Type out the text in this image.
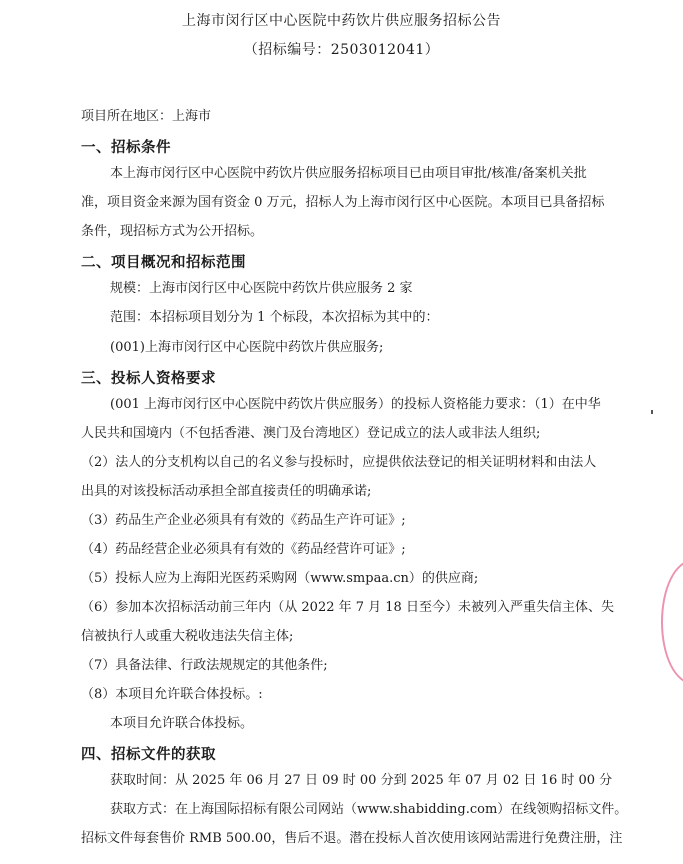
上海市闵行区中心医院中药饮片供应服务招标公告
（招标编号：2503012041）
项目所在地区：上海市
一、招标条件
本上海市闵行区中心医院中药饮片供应服务招标项目已由项目审批/核准/备案机关批
准，项目资金来源为国有资金 0 万元，招标人为上海市闵行区中心医院。本项目已具备招标
条件，现招标方式为公开招标。
二、项目概况和招标范围
规模：上海市闵行区中心医院中药饮片供应服务 2 家
范围：本招标项目划分为 1 个标段，本次招标为其中的：
(001)上海市闵行区中心医院中药饮片供应服务;
三、投标人资格要求
(001 上海市闵行区中心医院中药饮片供应服务）的投标人资格能力要求：（1）在中华
人民共和国境内（不包括香港、澳门及台湾地区）登记成立的法人或非法人组织;
（2）法人的分支机构以自己的名义参与投标时，应提供依法登记的相关证明材料和由法人
出具的对该投标活动承担全部直接责任的明确承诺;
（3）药品生产企业必须具有有效的《药品生产许可证》;
（4）药品经营企业必须具有有效的《药品经营许可证》;
（5）投标人应为上海阳光医药采购网（www.smpaa.cn）的供应商;
（6）参加本次招标活动前三年内（从 2022 年 7 月 18 日至今）未被列入严重失信主体、失
信被执行人或重大税收违法失信主体;
（7）具备法律、行政法规规定的其他条件;
（8）本项目允许联合体投标。:
本项目允许联合体投标。
四、招标文件的获取
获取时间：从 2025 年 06 月 27 日 09 时 00 分到 2025 年 07 月 02 日 16 时 00 分
获取方式：在上海国际招标有限公司网站（www.shabidding.com）在线领购招标文件。
招标文件每套售价 RMB 500.00，售后不退。潜在投标人首次使用该网站需进行免费注册，注
